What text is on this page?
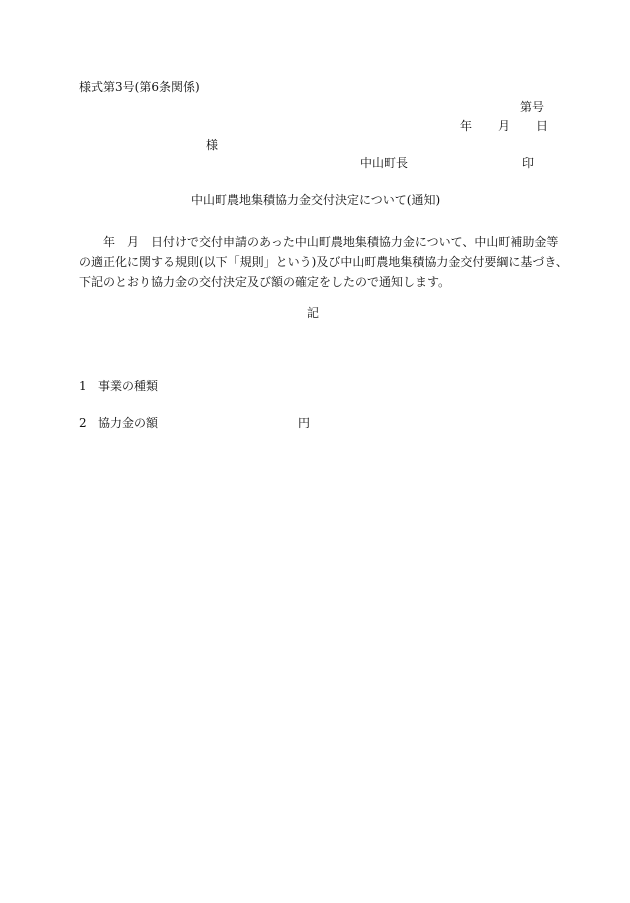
様式第3号(第6条関係)
第号
年 月 日
様
中山町長	印
中山町農地集積協力金交付決定について(通知)
　　年　月　日付けで交付申請のあった中山町農地集積協力金について、中山町補助金等
の適正化に関する規則(以下「規則」という)及び中山町農地集積協力金交付要綱に基づき、
下記のとおり協力金の交付決定及び額の確定をしたので通知します。
記
1 事業の種類
2 協力金の額	円
